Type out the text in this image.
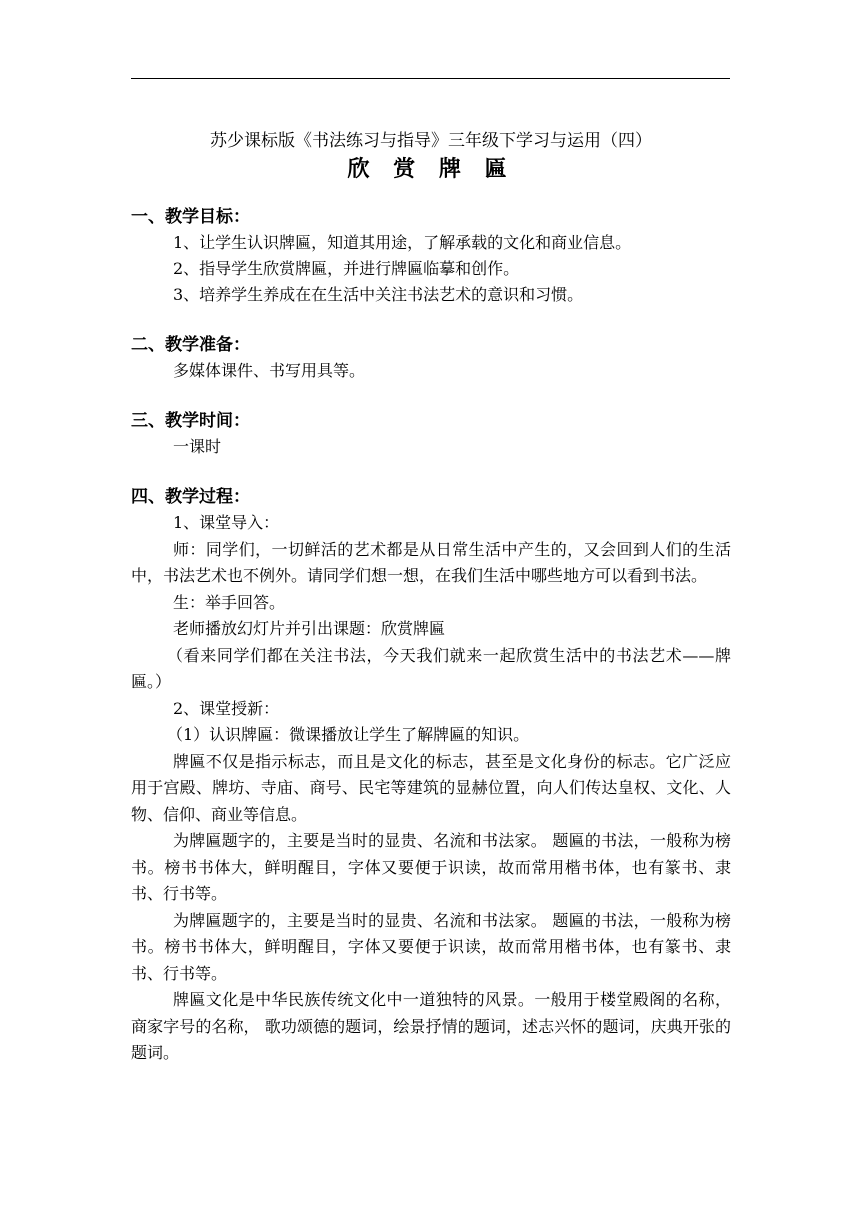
苏少课标版《书法练习与指导》三年级下学习与运用（四）

欣 赏 牌 匾

一、教学目标：

1、让学生认识牌匾，知道其用途，了解承载的文化和商业信息。

2、指导学生欣赏牌匾，并进行牌匾临摹和创作。

3、培养学生养成在在生活中关注书法艺术的意识和习惯。

二、教学准备：

多媒体课件、书写用具等。

三、教学时间：

一课时

四、教学过程：

1、课堂导入：

师：同学们，一切鲜活的艺术都是从日常生活中产生的，又会回到人们的生活中，书法艺术也不例外。请同学们想一想，在我们生活中哪些地方可以看到书法。

生：举手回答。

老师播放幻灯片并引出课题：欣赏牌匾

（看来同学们都在关注书法，今天我们就来一起欣赏生活中的书法艺术——牌匾。）

2、课堂授新：

（1）认识牌匾：微课播放让学生了解牌匾的知识。

牌匾不仅是指示标志，而且是文化的标志，甚至是文化身份的标志。它广泛应用于宫殿、牌坊、寺庙、商号、民宅等建筑的显赫位置，向人们传达皇权、文化、人物、信仰、商业等信息。

为牌匾题字的，主要是当时的显贵、名流和书法家。 题匾的书法，一般称为榜书。榜书书体大，鲜明醒目，字体又要便于识读，故而常用楷书体，也有篆书、隶书、行书等。

为牌匾题字的，主要是当时的显贵、名流和书法家。 题匾的书法，一般称为榜书。榜书书体大，鲜明醒目，字体又要便于识读，故而常用楷书体，也有篆书、隶书、行书等。

牌匾文化是中华民族传统文化中一道独特的风景。一般用于楼堂殿阁的名称，商家字号的名称， 歌功颂德的题词，绘景抒情的题词，述志兴怀的题词，庆典开张的题词。
